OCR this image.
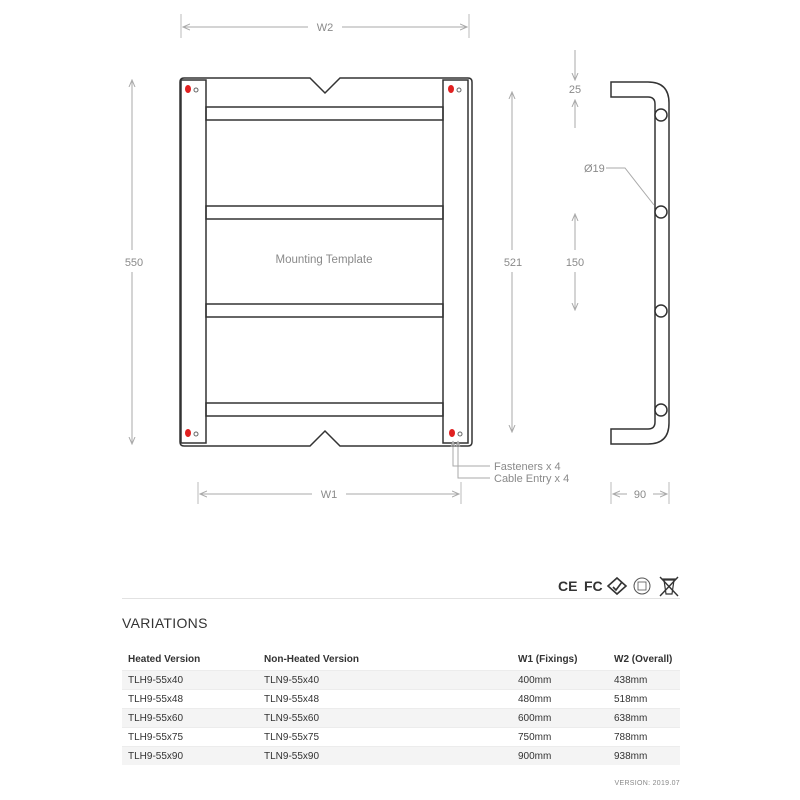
W2
550	Mounting Template	521
Fasteners x 4
Cable Entry x 4
W1
25
Ø19
150
90
CE FC
VARIATIONS
Heated Version	Non-Heated Version	W1 (Fixings)	W2 (Overall)
TLH9-55x40	TLN9-55x40	400mm	438mm
TLH9-55x48	TLN9-55x48	480mm	518mm
TLH9-55x60	TLN9-55x60	600mm	638mm
TLH9-55x75	TLN9-55x75	750mm	788mm
TLH9-55x90	TLN9-55x90	900mm	938mm
VERSION: 2019.07
